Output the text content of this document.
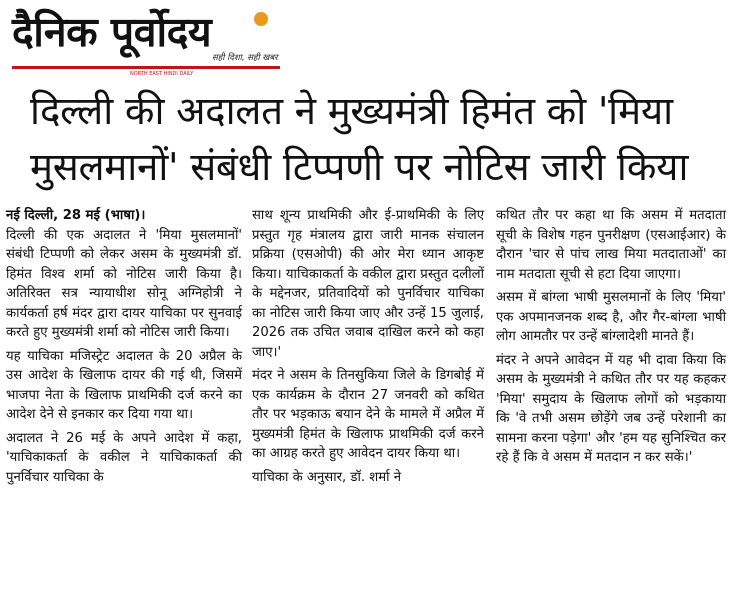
दैनिक पूर्वोदय
सही दिशा, सही खबर
NORTH EAST HINDI DAILY
दिल्ली की अदालत ने मुख्यमंत्री हिमंत को 'मिया
मुसलमानों' संबंधी टिप्पणी पर नोटिस जारी किया

नई दिल्ली, 28 मई (भाषा)।

दिल्ली की एक अदालत ने 'मिया मुसलमानों' संबंधी टिप्पणी को लेकर असम के मुख्यमंत्री डॉ. हिमंत विश्व शर्मा को नोटिस जारी किया है। अतिरिक्त सत्र न्यायाधीश सोनू अग्निहोत्री ने कार्यकर्ता हर्ष मंदर द्वारा दायर याचिका पर सुनवाई करते हुए मुख्यमंत्री शर्मा को नोटिस जारी किया।

यह याचिका मजिस्ट्रेट अदालत के 20 अप्रैल के उस आदेश के खिलाफ दायर की गई थी, जिसमें भाजपा नेता के खिलाफ प्राथमिकी दर्ज करने का आदेश देने से इनकार कर दिया गया था।

अदालत ने 26 मई के अपने आदेश में कहा, 'याचिकाकर्ता के वकील ने याचिकाकर्ता की पुनर्विचार याचिका के

साथ शून्य प्राथमिकी और ई-प्राथमिकी के लिए प्रस्तुत गृह मंत्रालय द्वारा जारी मानक संचालन प्रक्रिया (एसओपी) की ओर मेरा ध्यान आकृष्ट किया। याचिकाकर्ता के वकील द्वारा प्रस्तुत दलीलों के मद्देनजर, प्रतिवादियों को पुनर्विचार याचिका का नोटिस जारी किया जाए और उन्हें 15 जुलाई, 2026 तक उचित जवाब दाखिल करने को कहा जाए।'

मंदर ने असम के तिनसुकिया जिले के डिगबोई में एक कार्यक्रम के दौरान 27 जनवरी को कथित तौर पर भड़काऊ बयान देने के मामले में अप्रैल में मुख्यमंत्री हिमंत के खिलाफ प्राथमिकी दर्ज करने का आग्रह करते हुए आवेदन दायर किया था।

याचिका के अनुसार, डॉ. शर्मा ने

कथित तौर पर कहा था कि असम में मतदाता सूची के विशेष गहन पुनरीक्षण (एसआईआर) के दौरान 'चार से पांच लाख मिया मतदाताओं' का नाम मतदाता सूची से हटा दिया जाएगा।

असम में बांग्ला भाषी मुसलमानों के लिए 'मिया' एक अपमानजनक शब्द है, और गैर-बांग्ला भाषी लोग आमतौर पर उन्हें बांग्लादेशी मानते हैं।

मंदर ने अपने आवेदन में यह भी दावा किया कि असम के मुख्यमंत्री ने कथित तौर पर यह कहकर 'मिया' समुदाय के खिलाफ लोगों को भड़काया कि 'वे तभी असम छोड़ेंगे जब उन्हें परेशानी का सामना करना पड़ेगा' और 'हम यह सुनिश्चित कर रहे हैं कि वे असम में मतदान न कर सकें।'
